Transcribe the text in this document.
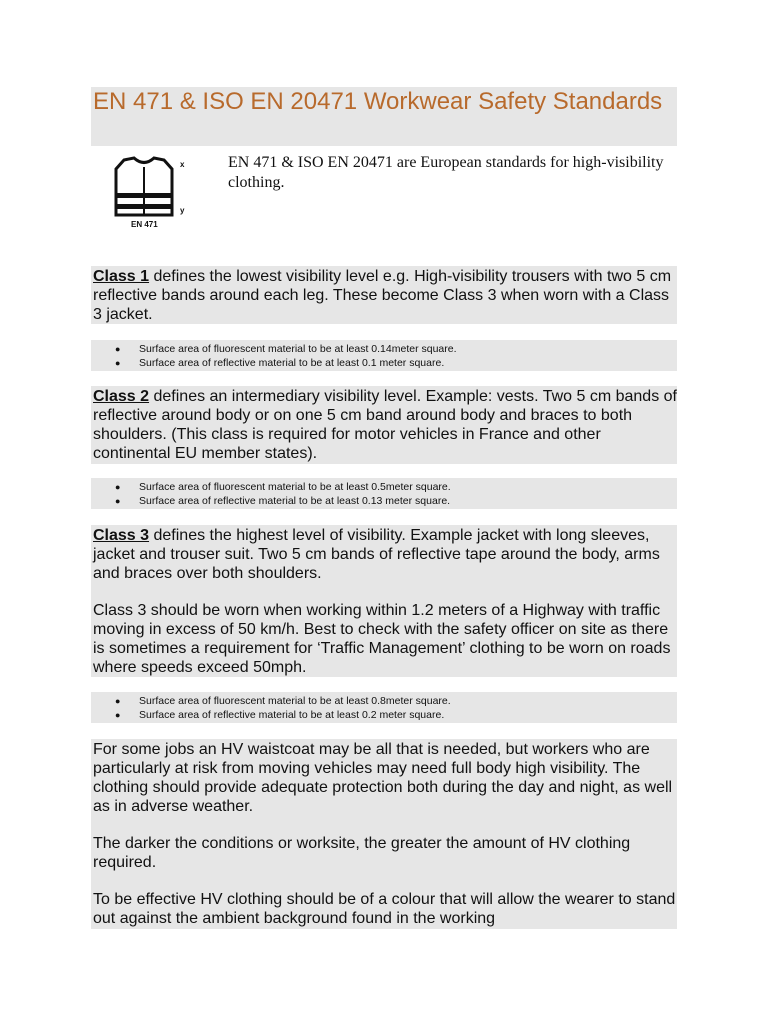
EN 471 & ISO EN 20471 Workwear Safety Standards
x
y
EN 471
EN 471 & ISO EN 20471 are European standards for high-visibility clothing.

Class 1 defines the lowest visibility level e.g. High-visibility trousers with two 5 cm reflective bands around each leg. These become Class 3 when worn with a Class 3 jacket.

●	Surface area of fluorescent material to be at least 0.14meter square.
●	Surface area of reflective material to be at least 0.1 meter square.

Class 2 defines an intermediary visibility level. Example: vests. Two 5 cm bands of reflective around body or on one 5 cm band around body and braces to both shoulders. (This class is required for motor vehicles in France and other continental EU member states).

●	Surface area of fluorescent material to be at least 0.5meter square.
●	Surface area of reflective material to be at least 0.13 meter square.

Class 3 defines the highest level of visibility. Example jacket with long sleeves, jacket and trouser suit. Two 5 cm bands of reflective tape around the body, arms and braces over both shoulders.

Class 3 should be worn when working within 1.2 meters of a Highway with traffic moving in excess of 50 km/h. Best to check with the safety officer on site as there is sometimes a requirement for ‘Traffic Management’ clothing to be worn on roads where speeds exceed 50mph.

●	Surface area of fluorescent material to be at least 0.8meter square.
●	Surface area of reflective material to be at least 0.2 meter square.

For some jobs an HV waistcoat may be all that is needed, but workers who are particularly at risk from moving vehicles may need full body high visibility. The clothing should provide adequate protection both during the day and night, as well as in adverse weather.

The darker the conditions or worksite, the greater the amount of HV clothing required.

To be effective HV clothing should be of a colour that will allow the wearer to stand out against the ambient background found in the working
